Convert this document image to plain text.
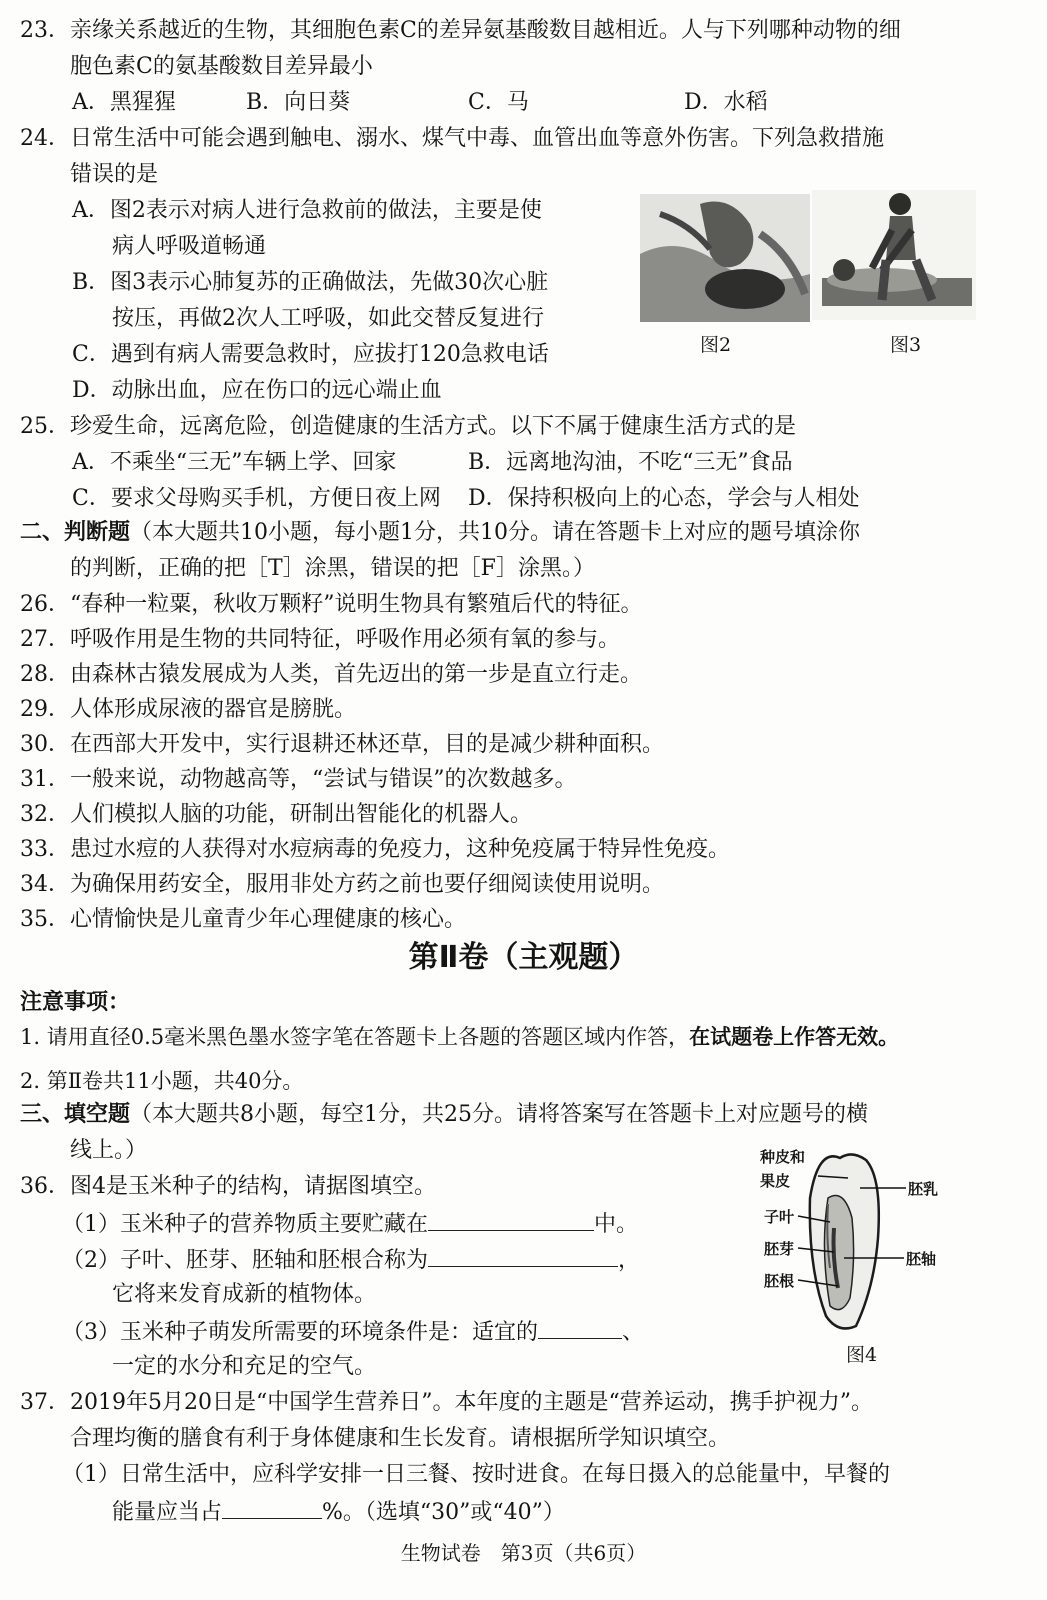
23．亲缘关系越近的生物，其细胞色素C的差异氨基酸数目越相近。人与下列哪种动物的细
胞色素C的氨基酸数目差异最小
A．黑猩猩	B．向日葵	C．马	D．水稻
24．日常生活中可能会遇到触电、溺水、煤气中毒、血管出血等意外伤害。下列急救措施
错误的是
A．图2表示对病人进行急救前的做法，主要是使
病人呼吸道畅通
B．图3表示心肺复苏的正确做法，先做30次心脏
按压，再做2次人工呼吸，如此交替反复进行
C．遇到有病人需要急救时，应拔打120急救电话
D．动脉出血，应在伤口的远心端止血
图2	图3
25．珍爱生命，远离危险，创造健康的生活方式。以下不属于健康生活方式的是
A．不乘坐“三无”车辆上学、回家	B．远离地沟油，不吃“三无”食品
C．要求父母购买手机，方便日夜上网 D．保持积极向上的心态，学会与人相处
二、判断题（本大题共10小题，每小题1分，共10分。请在答题卡上对应的题号填涂你
的判断，正确的把［T］涂黑，错误的把［F］涂黑。）
26．“春种一粒粟，秋收万颗籽”说明生物具有繁殖后代的特征。
27．呼吸作用是生物的共同特征，呼吸作用必须有氧的参与。
28．由森林古猿发展成为人类，首先迈出的第一步是直立行走。
29．人体形成尿液的器官是膀胱。
30．在西部大开发中，实行退耕还林还草，目的是减少耕种面积。
31．一般来说，动物越高等，“尝试与错误”的次数越多。
32．人们模拟人脑的功能，研制出智能化的机器人。
33．患过水痘的人获得对水痘病毒的免疫力，这种免疫属于特异性免疫。
34．为确保用药安全，服用非处方药之前也要仔细阅读使用说明。
35．心情愉快是儿童青少年心理健康的核心。
第Ⅱ卷（主观题）
注意事项：
1. 请用直径0.5毫米黑色墨水签字笔在答题卡上各题的答题区域内作答，在试题卷上作答无效。
2. 第Ⅱ卷共11小题，共40分。
三、填空题（本大题共8小题，每空1分，共25分。请将答案写在答题卡上对应题号的横
线上。）
36．图4是玉米种子的结构，请据图填空。
（1）玉米种子的营养物质主要贮藏在	中。
（2）子叶、胚芽、胚轴和胚根合称为	，
它将来发育成新的植物体。
（3）玉米种子萌发所需要的环境条件是：适宜的	、
一定的水分和充足的空气。
种皮和
果皮	胚乳
子叶
胚芽
胚轴
胚根
图4
37．2019年5月20日是“中国学生营养日”。本年度的主题是“营养运动，携手护视力”。
合理均衡的膳食有利于身体健康和生长发育。请根据所学知识填空。
（1）日常生活中，应科学安排一日三餐、按时进食。在每日摄入的总能量中，早餐的
能量应当占	%。（选填“30”或“40”）
生物试卷　第3页（共6页）
